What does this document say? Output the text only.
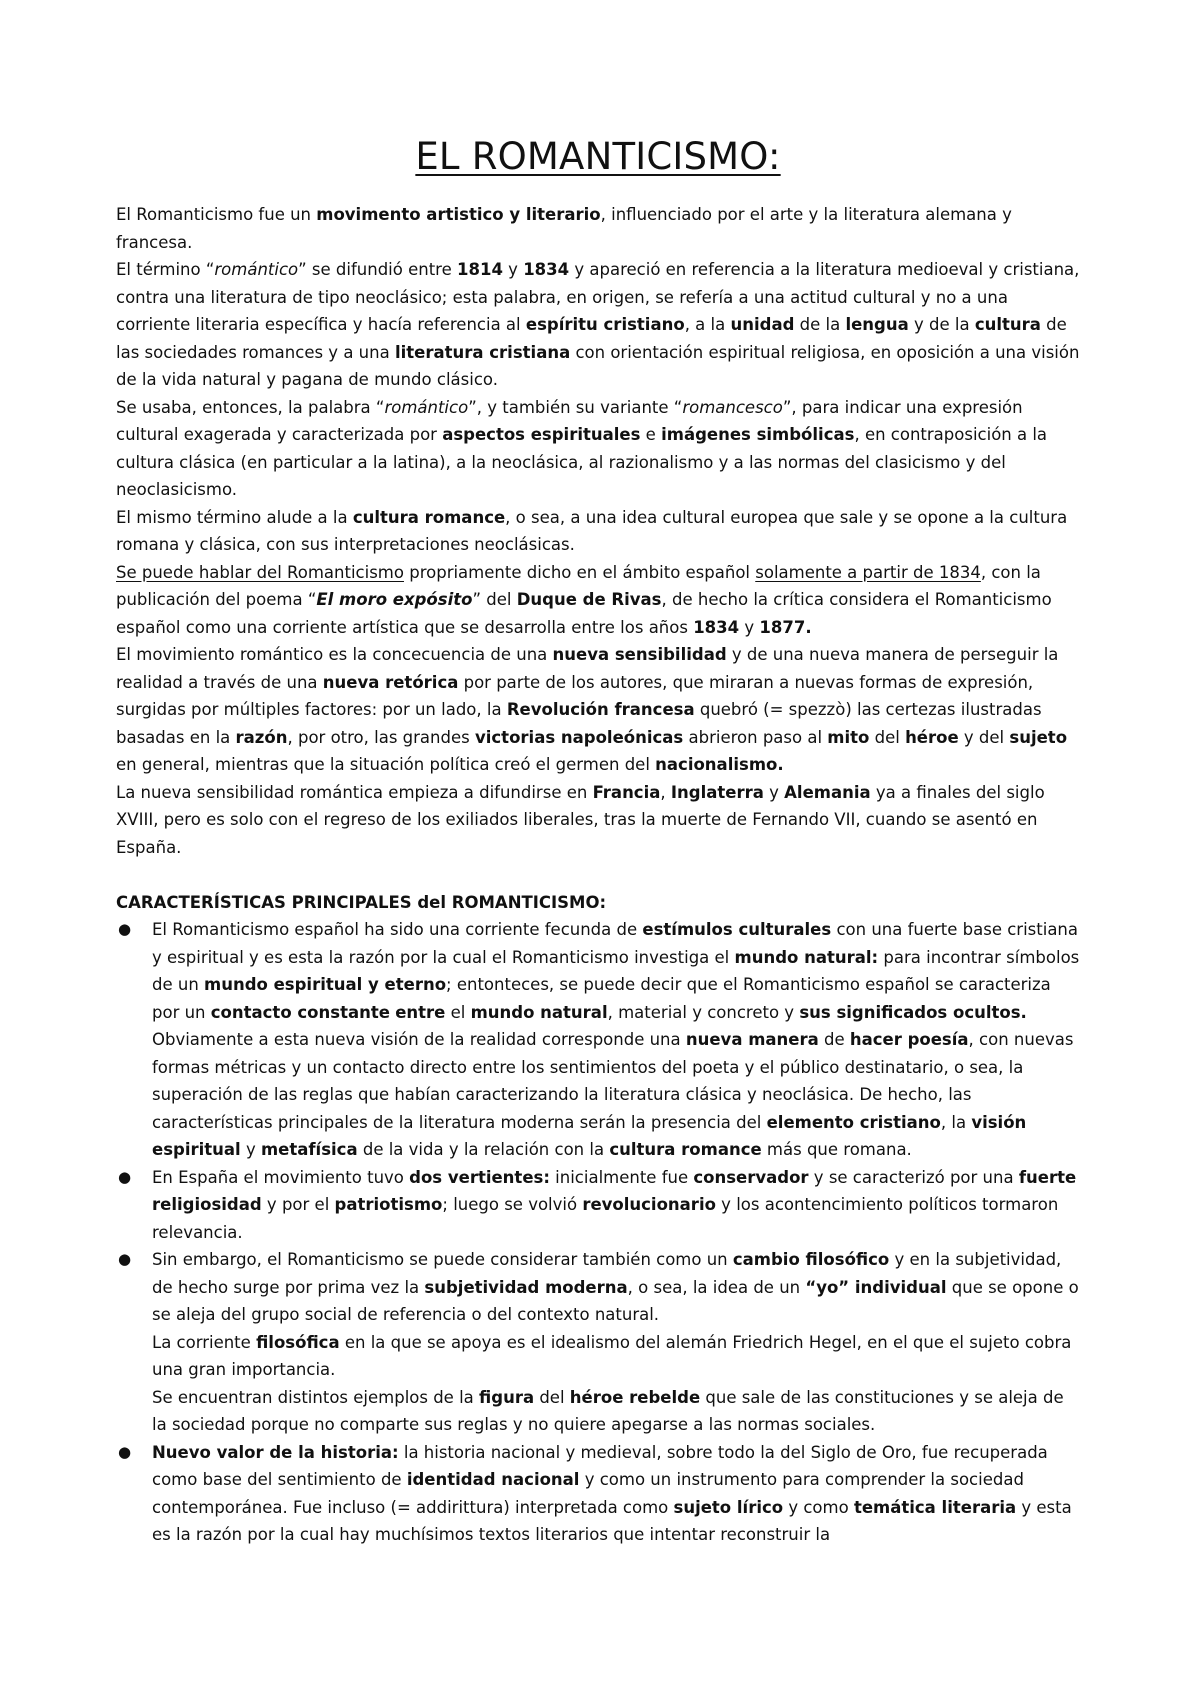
EL ROMANTICISMO:

El Romanticismo fue un movimento artistico y literario, influenciado por el arte y la literatura alemana y francesa.

El término “romántico” se difundió entre 1814 y 1834 y apareció en referencia a la literatura medioeval y cristiana, contra una literatura de tipo neoclásico; esta palabra, en origen, se refería a una actitud cultural y no a una corriente literaria específica y hacía referencia al espíritu cristiano, a la unidad de la lengua y de la cultura de las sociedades romances y a una literatura cristiana con orientación espiritual religiosa, en oposición a una visión de la vida natural y pagana de mundo clásico.

Se usaba, entonces, la palabra “romántico”, y también su variante “romancesco”, para indicar una expresión cultural exagerada y caracterizada por aspectos espirituales e imágenes simbólicas, en contraposición a la cultura clásica (en particular a la latina), a la neoclásica, al razionalismo y a las normas del clasicismo y del neoclasicismo.

El mismo término alude a la cultura romance, o sea, a una idea cultural europea que sale y se opone a la cultura romana y clásica, con sus interpretaciones neoclásicas.

Se puede hablar del Romanticismo propriamente dicho en el ámbito español solamente a partir de 1834, con la publicación del poema “El moro expósito” del Duque de Rivas, de hecho la crítica considera el Romanticismo español como una corriente artística que se desarrolla entre los años 1834 y 1877.

El movimiento romántico es la concecuencia de una nueva sensibilidad y de una nueva manera de perseguir la realidad a través de una nueva retórica por parte de los autores, que miraran a nuevas formas de expresión, surgidas por múltiples factores: por un lado, la Revolución francesa quebró (= spezzò) las certezas ilustradas basadas en la razón, por otro, las grandes victorias napoleónicas abrieron paso al mito del héroe y del sujeto en general, mientras que la situación política creó el germen del nacionalismo.

La nueva sensibilidad romántica empieza a difundirse en Francia, Inglaterra y Alemania ya a finales del siglo XVIII, pero es solo con el regreso de los exiliados liberales, tras la muerte de Fernando VII, cuando se asentó en España.

CARACTERÍSTICAS PRINCIPALES del ROMANTICISMO:

● El Romanticismo español ha sido una corriente fecunda de estímulos culturales con una fuerte base cristiana y espiritual y es esta la razón por la cual el Romanticismo investiga el mundo natural: para incontrar símbolos de un mundo espiritual y eterno; entonteces, se puede decir que el Romanticismo español se caracteriza por un contacto constante entre el mundo natural, material y concreto y sus significados ocultos.

Obviamente a esta nueva visión de la realidad corresponde una nueva manera de hacer poesía, con nuevas formas métricas y un contacto directo entre los sentimientos del poeta y el público destinatario, o sea, la superación de las reglas que habían caracterizando la literatura clásica y neoclásica. De hecho, las características principales de la literatura moderna serán la presencia del elemento cristiano, la visión espiritual y metafísica de la vida y la relación con la cultura romance más que romana.

● En España el movimiento tuvo dos vertientes: inicialmente fue conservador y se caracterizó por una fuerte religiosidad y por el patriotismo; luego se volvió revolucionario y los acontencimiento políticos tormaron relevancia.

● Sin embargo, el Romanticismo se puede considerar también como un cambio filosófico y en la subjetividad, de hecho surge por prima vez la subjetividad moderna, o sea, la idea de un “yo” individual que se opone o se aleja del grupo social de referencia o del contexto natural.

La corriente filosófica en la que se apoya es el idealismo del alemán Friedrich Hegel, en el que el sujeto cobra una gran importancia.

Se encuentran distintos ejemplos de la figura del héroe rebelde que sale de las constituciones y se aleja de la sociedad porque no comparte sus reglas y no quiere apegarse a las normas sociales.

● Nuevo valor de la historia: la historia nacional y medieval, sobre todo la del Siglo de Oro, fue recuperada como base del sentimiento de identidad nacional y como un instrumento para comprender la sociedad contemporánea. Fue incluso (= addirittura) interpretada como sujeto lírico y como temática literaria y esta es la razón por la cual hay muchísimos textos literarios que intentar reconstruir la
